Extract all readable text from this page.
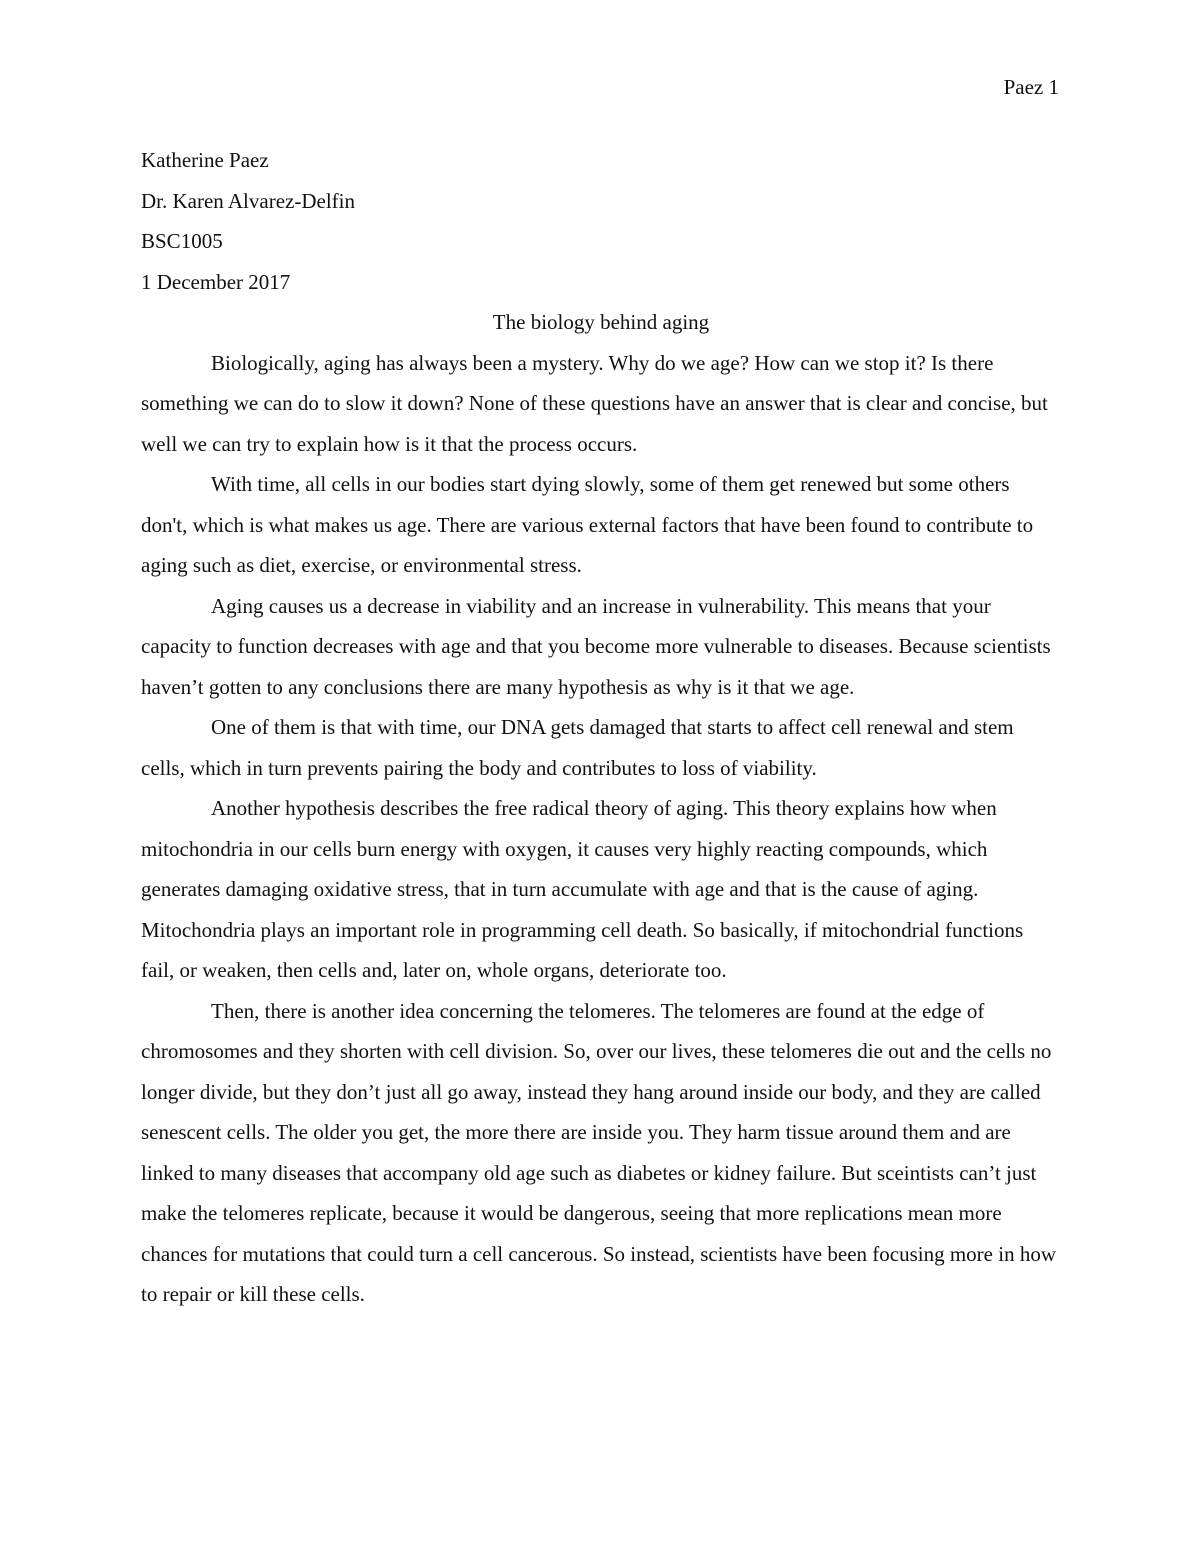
Paez 1

Katherine Paez

Dr. Karen Alvarez-Delfin

BSC1005

1 December 2017

The biology behind aging

Biologically, aging has always been a mystery. Why do we age? How can we stop it? Is there something we can do to slow it down? None of these questions have an answer that is clear and concise, but well we can try to explain how is it that the process occurs.

With time, all cells in our bodies start dying slowly, some of them get renewed but some others don't, which is what makes us age. There are various external factors that have been found to contribute to aging such as diet, exercise, or environmental stress.

Aging causes us a decrease in viability and an increase in vulnerability. This means that your capacity to function decreases with age and that you become more vulnerable to diseases. Because scientists haven’t gotten to any conclusions there are many hypothesis as why is it that we age.

One of them is that with time, our DNA gets damaged that starts to affect cell renewal and stem cells, which in turn prevents pairing the body and contributes to loss of viability.

Another hypothesis describes the free radical theory of aging. This theory explains how when mitochondria in our cells burn energy with oxygen, it causes very highly reacting compounds, which generates damaging oxidative stress, that in turn accumulate with age and that is the cause of aging. Mitochondria plays an important role in programming cell death. So basically, if mitochondrial functions fail, or weaken, then cells and, later on, whole organs, deteriorate too.

Then, there is another idea concerning the telomeres. The telomeres are found at the edge of chromosomes and they shorten with cell division. So, over our lives, these telomeres die out and the cells no longer divide, but they don’t just all go away, instead they hang around inside our body, and they are called senescent cells. The older you get, the more there are inside you. They harm tissue around them and are linked to many diseases that accompany old age such as diabetes or kidney failure. But sceintists can’t just make the telomeres replicate, because it would be dangerous, seeing that more replications mean more chances for mutations that could turn a cell cancerous. So instead, scientists have been focusing more in how to repair or kill these cells.
